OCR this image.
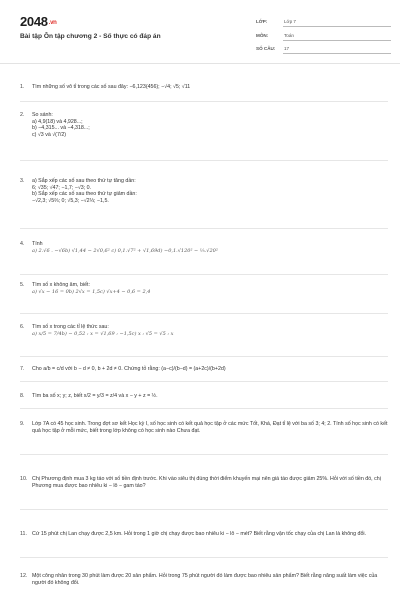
2048.vn
Bài tập Ôn tập chương 2 - Số thực có đáp án
LỚP:	Lớp 7
MÔN:	Toán
SỐ CÂU:	17
1. Tìm những số vô tỉ trong các số sau đây: −6,123(456); −√4; √5; √11
2. So sánh:
a) 4,9(18) và 4,928...;
b) −4,315... và −4,318...;
c) √3 và √(7/2)
3. a) Sắp xếp các số sau theo thứ tự tăng dần:
6; √35; √47; −1,7; −√3; 0.
b) Sắp xếp các số sau theo thứ tự giảm dần:
−√2,3; √5⅔; 0; √5,3; −√2⅓; −1,5.
4. Tính
a) 2.√6 . −√6b) √1,44 − 2√0,6² c) 0,1.√7² + √1,69d) −0,1.√120² − ⅓.√20²
5. Tìm số x không âm, biết:
a) √x − 16 = 0b) 2√x = 1,5c) √x+4 − 0,6 = 2,4
6. Tìm số x trong các tỉ lệ thức sau:
a) x/5 = 7/4b) − 0,52 : x = √1,69 : −1,5c) x : √5 = √5 : x
7. Cho a/b = c/d với b − d ≠ 0, b + 2d ≠ 0. Chứng tỏ rằng: (a−c)/(b−d) = (a+2c)/(b+2d)
8. Tìm ba số x; y; z, biết x/2 = y/3 = z/4 và x − y + z = ½.
9. Lớp 7A có 45 học sinh. Trong đợt sơ kết Học kỳ I, số học sinh có kết quả học tập ở các mức Tốt, Khá, Đạt tỉ lệ với ba số 3; 4; 2. Tính số học sinh có kết quả học tập ở mỗi mức, biết trong lớp không có học sinh nào Chưa đạt.
10. Chị Phương định mua 3 kg táo với số tiền định trước. Khi vào siêu thị đúng thời điểm khuyến mại nên giá táo được giảm 25%. Hỏi với số tiền đó, chị Phương mua được bao nhiêu ki − lô − gam táo?
11. Cứ 15 phút chị Lan chạy được 2,5 km. Hỏi trong 1 giờ chị chạy được bao nhiêu ki − lô − mét? Biết rằng vận tốc chạy của chị Lan là không đổi.
12. Một công nhân trong 30 phút làm được 20 sản phẩm. Hỏi trong 75 phút người đó làm được bao nhiêu sản phẩm? Biết rằng năng suất làm việc của người đó không đổi.
